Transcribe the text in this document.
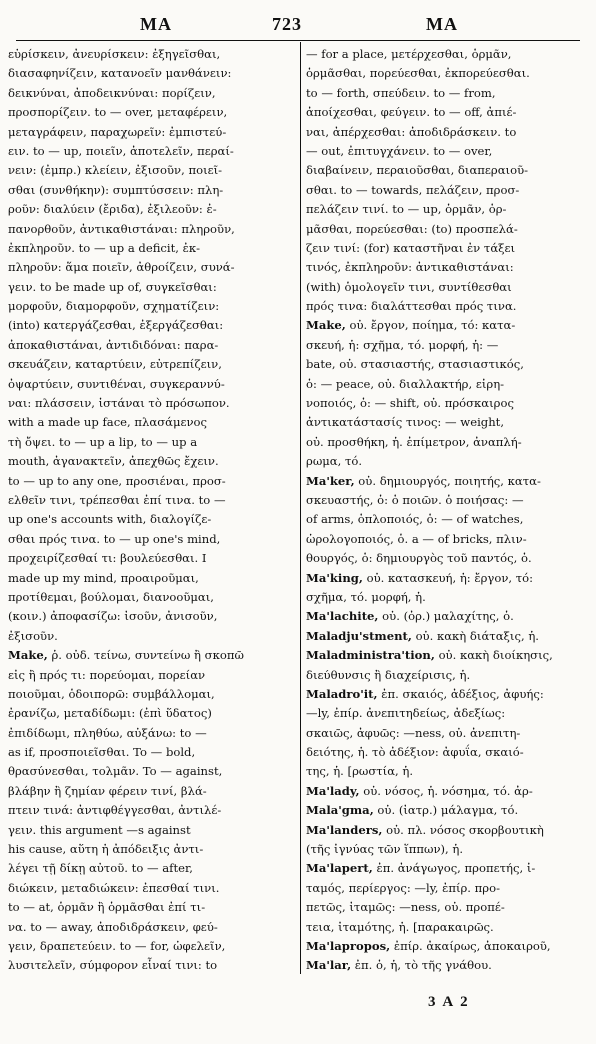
MA	723	MA
εὑρίσκειν, ἀνευρίσκειν: ἐξηγεῖσθαι,
διασαφηνίζειν, κατανοεῖν μανθάνειν:
δεικνύναι, ἀποδεικνύναι: πορίζειν,
προσπορίζειν. to — over, μεταφέρειν,
μεταγράφειν, παραχωρεῖν: ἐμπιστεύ-
ειν. to — up, ποιεῖν, ἀποτελεῖν, περαί-
νειν: (ἐμπρ.) κλείειν, ἐξισοῦν, ποιεῖ-
σθαι (συνθήκην): συμπτύσσειν: πλη-
ροῦν: διαλύειν (ἔριδα), ἐξιλεοῦν: ἐ-
πανορθοῦν, ἀντικαθιστάναι: πληροῦν,
ἐκπληροῦν. to — up a deficit, ἐκ-
πληροῦν: ἅμα ποιεῖν, ἀθροίζειν, συνά-
γειν. to be made up of, συγκεῖσθαι:
μορφοῦν, διαμορφοῦν, σχηματίζειν:
(into) κατεργάζεσθαι, ἐξεργάζεσθαι:
ἀποκαθιστάναι, ἀντιδιδόναι: παρα-
σκευάζειν, καταρτύειν, εὐτρεπίζειν,
ὀψαρτύειν, συντιθέναι, συγκεραννύ-
ναι: πλάσσειν, ἱστάναι τὸ πρόσωπον.
with a made up face, πλασάμενος
τὴ ὄψει. to — up a lip, to — up a
mouth, ἀγανακτεῖν, ἀπεχθῶς ἔχειν.
to — up to any one, προσιέναι, προσ-
ελθεῖν τινι, τρέπεσθαι ἐπί τινα. to —
up one's accounts with, διαλογίζε-
σθαι πρός τινα. to — up one's mind,
προχειρίζεσθαί τι: βουλεύεσθαι. I
made up my mind, προαιροῦμαι,
προτίθεμαι, βούλομαι, διανοοῦμαι,
(κοιν.) ἀποφασίζω: ἰσοῦν, ἀνισοῦν,
ἐξισοῦν.
Make, ῥ. οὐδ. τείνω, συντείνω ἢ σκοπῶ
εἰς ἢ πρός τι: πορεύομαι, πορείαν
ποιοῦμαι, ὁδοιπορῶ: συμβάλλομαι,
ἐρανίζω, μεταδίδωμι: (ἐπὶ ὕδατος)
ἐπιδίδωμι, πληθύω, αὐξάνω: to —
as if, προσποιεῖσθαι. To — bold,
θρασύνεσθαι, τολμᾶν. To — against,
βλάβην ἢ ζημίαν φέρειν τινί, βλά-
πτειν τινά: ἀντιφθέγγεσθαι, ἀντιλέ-
γειν. this argument —s against
his cause, αὕτη ἡ ἀπόδειξις ἀντι-
λέγει τῇ δίκῃ αὐτοῦ. to — after,
διώκειν, μεταδιώκειν: ἐπεσθαί τινι.
to — at, ὁρμᾶν ἢ ὁρμᾶσθαι ἐπί τι-
να. to — away, ἀποδιδράσκειν, φεύ-
γειν, δραπετεύειν. to — for, ὠφελεῖν,
λυσιτελεῖν, σύμφορον εἶναί τινι: to
— for a place, μετέρχεσθαι, ὁρμᾶν,
ὁρμᾶσθαι, πορεύεσθαι, ἐκπορεύεσθαι.
to — forth, σπεύδειν. to — from,
ἀποίχεσθαι, φεύγειν. to — off, ἀπιέ-
ναι, ἀπέρχεσθαι: ἀποδιδράσκειν. to
— out, ἐπιτυγχάνειν. to — over,
διαβαίνειν, περαιοῦσθαι, διαπεραιοῦ-
σθαι. to — towards, πελάζειν, προσ-
πελάζειν τινί. to — up, ὁρμᾶν, ὁρ-
μᾶσθαι, πορεύεσθαι: (to) προσπελά-
ζειν τινί: (for) καταστῆναι ἐν τάξει
τινός, ἐκπληροῦν: ἀντικαθιστάναι:
(with) ὁμολογεῖν τινι, συντίθεσθαι
πρός τινα: διαλάττεσθαι πρός τινα.
Make, οὐ. ἔργον, ποίημα, τό: κατα-
σκευή, ἡ: σχῆμα, τό. μορφή, ἡ: —
bate, οὐ. στασιαστής, στασιαστικός,
ὁ: — peace, οὐ. διαλλακτήρ, εἰρη-
νοποιός, ὁ: — shift, οὐ. πρόσκαιρος
ἀντικατάστασίς τινος: — weight,
οὐ. προσθήκη, ἡ. ἐπίμετρον, ἀναπλή-
ρωμα, τό.
Ma'ker, οὐ. δημιουργός, ποιητής, κατα-
σκευαστής, ὁ: ὁ ποιῶν. ὁ ποιήσας: —
of arms, ὁπλοποιός, ὁ: — of watches,
ὡρολογοποιός, ὁ. a — of bricks, πλιν-
θουργός, ὁ: δημιουργὸς τοῦ παντός, ὁ.
Ma'king, οὐ. κατασκευή, ἡ: ἔργον, τό:
σχῆμα, τό. μορφή, ἡ.
Ma'lachite, οὐ. (ὀρ.) μαλαχίτης, ὁ.
Maladju'stment, οὐ. κακὴ διάταξις, ἡ.
Maladministra'tion, οὐ. κακὴ διοίκησις,
διεύθυνσις ἢ διαχείρισις, ἡ.
Maladro'it, ἐπ. σκαιός, ἀδέξιος, ἀφυής:
—ly, ἐπίρ. ἀνεπιτηδείως, ἀδεξίως:
σκαιῶς, ἀφυῶς: —ness, οὐ. ἀνεπιτη-
δειότης, ἡ. τὸ ἀδέξιον: ἀφυΐα, σκαιό-
της, ἡ. [ρωστία, ἡ.
Ma'lady, οὐ. νόσος, ἡ. νόσημα, τό. ἀρ-
Mala'gma, οὐ. (ἰατρ.) μάλαγμα, τό.
Ma'landers, οὐ. πλ. νόσος σκορβουτικὴ
(τῆς ἰγνύας τῶν ἵππων), ἡ.
Ma'lapert, ἐπ. ἀνάγωγος, προπετής, ἰ-
ταμός, περίεργος: —ly, ἐπίρ. προ-
πετῶς, ἰταμῶς: —ness, οὐ. προπέ-
τεια, ἰταμότης, ἡ. [παρακαιρῶς.
Ma'lapropos, ἐπίρ. ἀκαίρως, ἀποκαιροῦ,
Ma'lar, ἐπ. ὁ, ἡ, τὸ τῆς γνάθου.
3 A 2
